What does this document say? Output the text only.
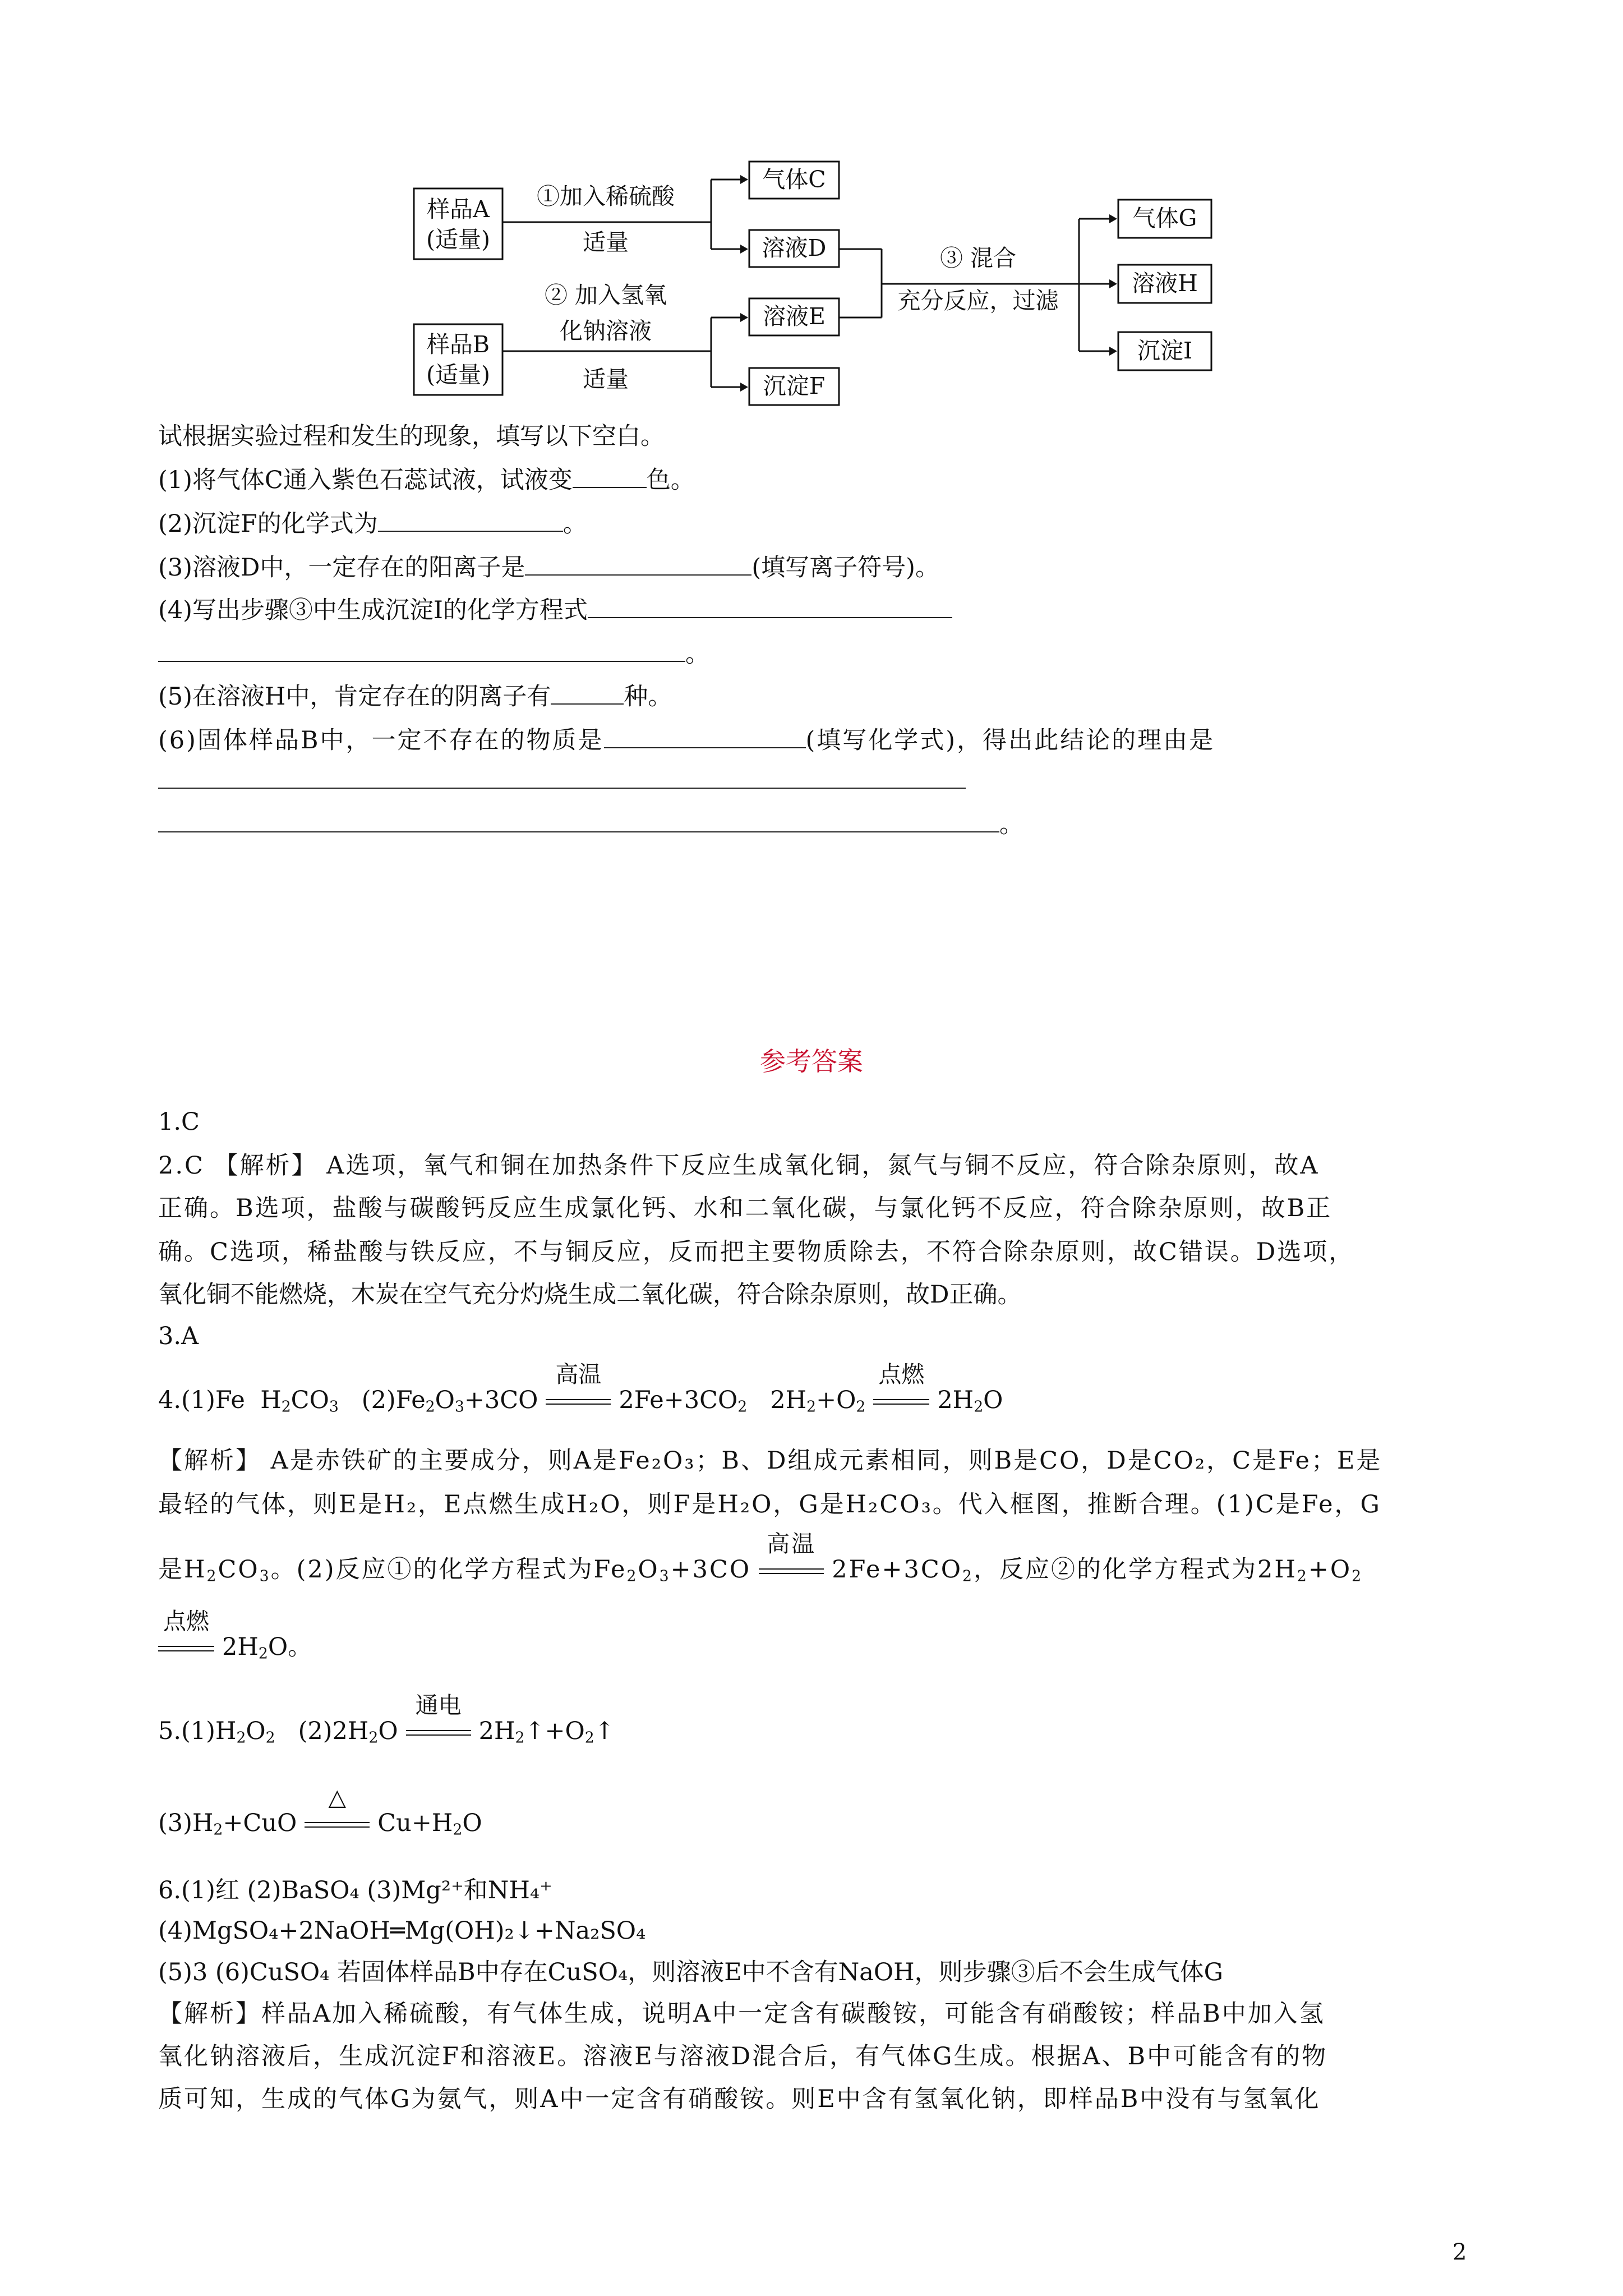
样品A
(适量)
样品B
(适量)
①加入稀硫酸
适量
② 加入氢氧
化钠溶液
适量
气体C
溶液D
溶液E
沉淀F
③ 混合
充分反应，过滤
气体G
溶液H
沉淀I
试根据实验过程和发生的现象，填写以下空白。
(1)将气体C通入紫色石蕊试液，试液变	色。
(2)沉淀F的化学式为	。
(3)溶液D中，一定存在的阳离子是	(填写离子符号)。
(4)写出步骤③中生成沉淀I的化学方程式
。
(5)在溶液H中，肯定存在的阴离子有	种。
(6)固体样品B中，一定不存在的物质是	(填写化学式)，得出此结论的理由是
。
参考答案
1.C
2.C 【解析】 A选项，氧气和铜在加热条件下反应生成氧化铜，氮气与铜不反应，符合除杂原则，故A
正确。B选项，盐酸与碳酸钙反应生成氯化钙、水和二氧化碳，与氯化钙不反应，符合除杂原则，故B正
确。C选项，稀盐酸与铁反应，不与铜反应，反而把主要物质除去，不符合除杂原则，故C错误。D选项，
氧化铜不能燃烧，木炭在空气充分灼烧生成二氧化碳，符合除杂原则，故D正确。
3.A
4.(1)Fe  $H_2CO_3$   $(2)Fe_2O_3+3CO$
高温
$2Fe+3CO_2$   $2H_2+O_2$
点燃
$2H_2O$
【解析】 A是赤铁矿的主要成分，则A是Fe₂O₃；B、D组成元素相同，则B是CO，D是CO₂，C是Fe；E是
最轻的气体，则E是H₂，E点燃生成H₂O，则F是H₂O，G是H₂CO₃。代入框图，推断合理。(1)C是Fe，G
是$H_2CO_3$。(2)反应①的化学方程式为$Fe_2O_3+3CO$
高温
$2Fe+3CO_2$，反应②的化学方程式为$2H_2+O_2$
点燃
$2H_2O$。
$5.(1)H_2O_2$   $(2)2H_2O$
通电
$2H_2↑+O_2↑$
$(3)H_2+CuO$
△
$Cu+H_2O$
6.(1)红 (2)BaSO₄ (3)Mg²⁺和NH₄⁺
(4)MgSO₄+2NaOH═Mg(OH)₂↓+Na₂SO₄
(5)3 (6)CuSO₄ 若固体样品B中存在CuSO₄，则溶液E中不含有NaOH，则步骤③后不会生成气体G
【解析】样品A加入稀硫酸，有气体生成，说明A中一定含有碳酸铵，可能含有硝酸铵；样品B中加入氢
氧化钠溶液后，生成沉淀F和溶液E。溶液E与溶液D混合后，有气体G生成。根据A、B中可能含有的物
质可知，生成的气体G为氨气，则A中一定含有硝酸铵。则E中含有氢氧化钠，即样品B中没有与氢氧化
2
